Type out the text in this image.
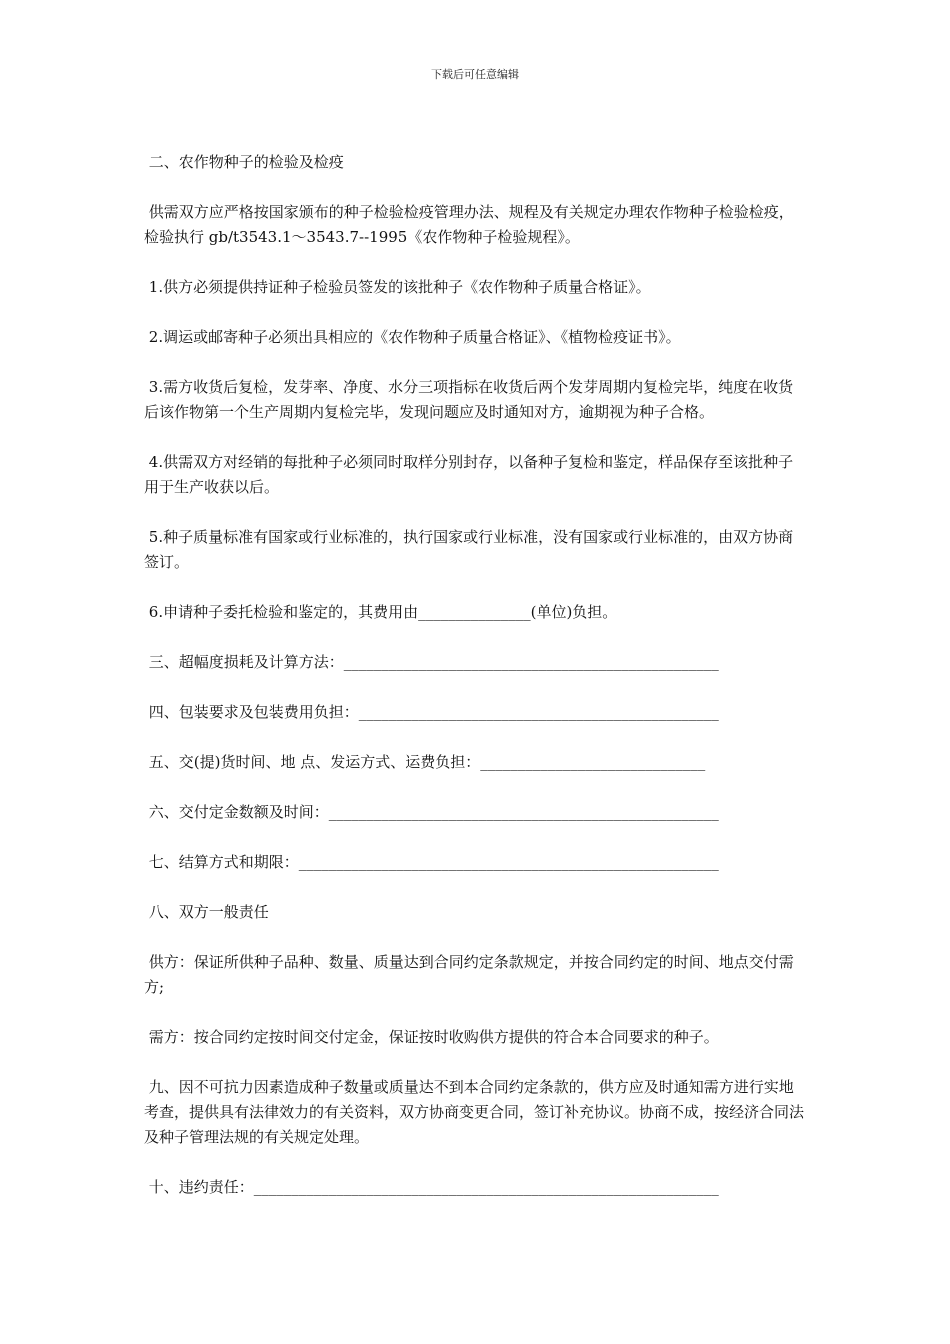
下载后可任意编辑

二、农作物种子的检验及检疫

供需双方应严格按国家颁布的种子检验检疫管理办法、规程及有关规定办理农作物种子检验检疫，检验执行 gb/t3543.1～3543.7--1995《农作物种子检验规程》。

1.供方必须提供持证种子检验员签发的该批种子《农作物种子质量合格证》。

2.调运或邮寄种子必须出具相应的《农作物种子质量合格证》、《植物检疫证书》。

3.需方收货后复检，发芽率、净度、水分三项指标在收货后两个发芽周期内复检完毕，纯度在收货后该作物第一个生产周期内复检完毕，发现问题应及时通知对方，逾期视为种子合格。

4.供需双方对经销的每批种子必须同时取样分别封存，以备种子复检和鉴定，样品保存至该批种子用于生产收获以后。

5.种子质量标准有国家或行业标准的，执行国家或行业标准，没有国家或行业标准的，由双方协商签订。

6.申请种子委托检验和鉴定的，其费用由_______________(单位)负担。

三、超幅度损耗及计算方法：__________________________________________________

四、包装要求及包装费用负担：________________________________________________

五、交(提)货时间、地 点、发运方式、运费负担：______________________________

六、交付定金数额及时间：____________________________________________________

七、结算方式和期限：________________________________________________________

八、双方一般责任

供方：保证所供种子品种、数量、质量达到合同约定条款规定，并按合同约定的时间、地点交付需方;

需方：按合同约定按时间交付定金，保证按时收购供方提供的符合本合同要求的种子。

九、因不可抗力因素造成种子数量或质量达不到本合同约定条款的，供方应及时通知需方进行实地考查，提供具有法律效力的有关资料，双方协商变更合同，签订补充协议。协商不成，按经济合同法及种子管理法规的有关规定处理。

十、违约责任：______________________________________________________________
